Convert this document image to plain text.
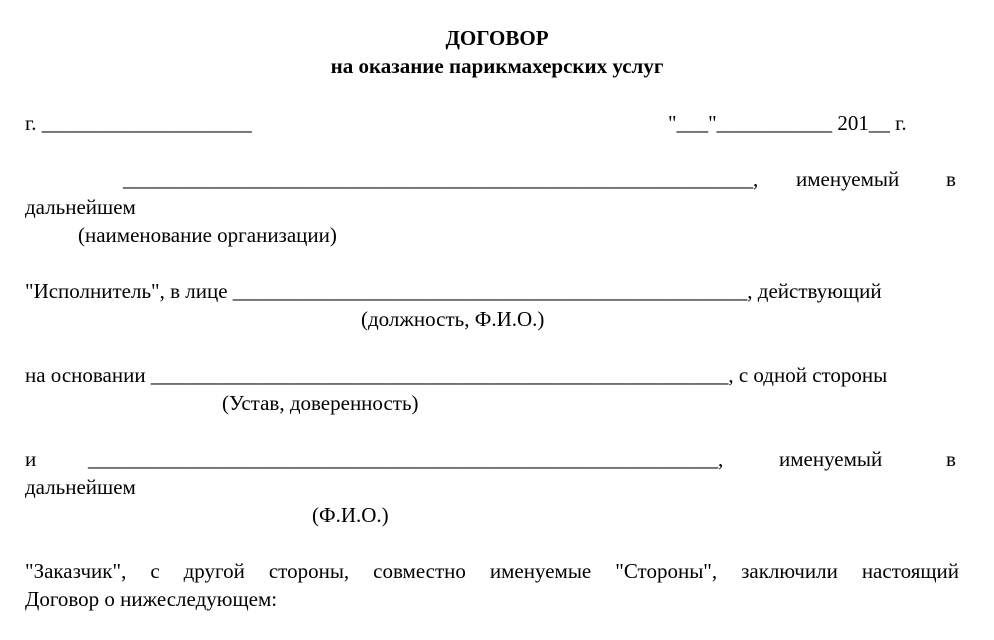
ДОГОВОР
на оказание парикмахерских услуг
г. ____________________	"___"___________ 201__ г.
____________________________________________________________, именуемый в
дальнейшем
(наименование организации)
"Исполнитель", в лице _________________________________________________, действующий
(должность, Ф.И.О.)
на основании _______________________________________________________, с одной стороны
(Устав, доверенность)
и ____________________________________________________________,	именуемый	в
дальнейшем
(Ф.И.О.)
"Заказчик", с другой стороны, совместно именуемые "Стороны", заключили настоящий
Договор о нижеследующем:
